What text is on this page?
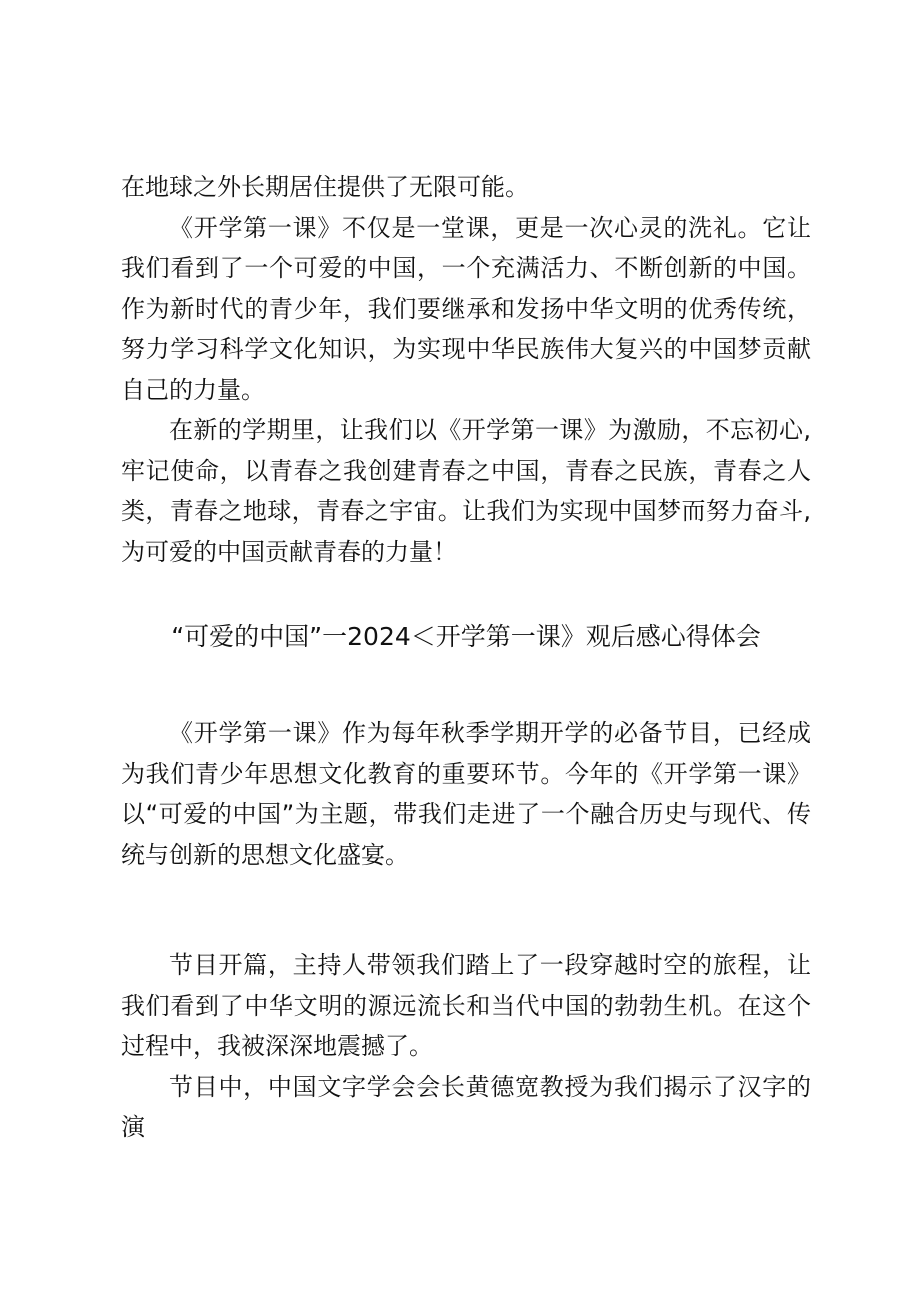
在地球之外长期居住提供了无限可能。

《开学第一课》不仅是一堂课，更是一次心灵的洗礼。它让我们看到了一个可爱的中国，一个充满活力、不断创新的中国。作为新时代的青少年，我们要继承和发扬中华文明的优秀传统，努力学习科学文化知识，为实现中华民族伟大复兴的中国梦贡献自己的力量。

在新的学期里，让我们以《开学第一课》为激励，不忘初心,牢记使命，以青春之我创建青春之中国，青春之民族，青春之人类，青春之地球，青春之宇宙。让我们为实现中国梦而努力奋斗,为可爱的中国贡献青春的力量！

“可爱的中国”一2024＜开学第一课》观后感心得体会

《开学第一课》作为每年秋季学期开学的必备节目，已经成为我们青少年思想文化教育的重要环节。今年的《开学第一课》以“可爱的中国”为主题，带我们走进了一个融合历史与现代、传统与创新的思想文化盛宴。

节目开篇，主持人带领我们踏上了一段穿越时空的旅程，让我们看到了中华文明的源远流长和当代中国的勃勃生机。在这个过程中，我被深深地震撼了。

节目中，中国文字学会会长黄德宽教授为我们揭示了汉字的演
